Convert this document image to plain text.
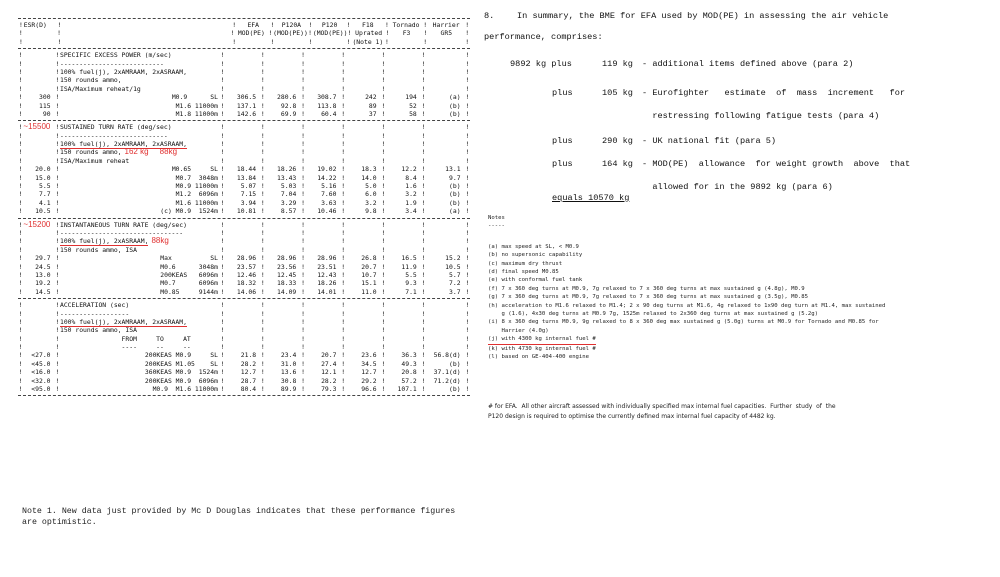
! ESR(D)	!	!	EFA	!	P120A	!	P120	!	F18	! Tornado ! Harrier !
!	!	! MOD(PE) ! (MOD(PE)) ! (MOD(PE)) ! Uprated !	F3	!	GR5	!
!	!	!	!	!	! (Note 1) !	!	!
!	! SPECIFIC EXCESS POWER (m/sec)	!	!	!	!	!	!	!
!	! ---------------------------	!	!	!	!	!	!	!
!	! 100% fuel(j), 2xAMRAAM, 2xASRAAM,	!	!	!	!	!	!	!
!	! 150 rounds ammo,	!	!	!	!	!	!	!
!	! ISA/Maximum reheat/1g	!	!	!	!	!	!	!
!	300 !	M0.9      SL !	306.5 !	280.6 !	308.7 !	242 !	194 !	(a) !
!	115 !	M1.6 11000m !	137.1 !	92.8 !	113.8 !	89 !	52 !	(b) !
!	90 !	M1.8 11000m !	142.6 !	69.9 !	60.4 !	37 !	58 !	(b) !
! ~15500 ! SUSTAINED TURN RATE (deg/sec)	!	!	!	!	!	!	!
!	! ----------------------------	!	!	!	!	!	!	!
!	! 100% fuel(j), 2xAMRAAM, 2xASRAAM,	!	!	!	!	!	!	!
!	! 150 rounds ammo, 162 kg     88kg	!	!	!	!	!	!	!
!	! ISA/Maximum reheat	!	!	!	!	!	!	!
!	20.0 !	M0.65     SL !	18.44 !	18.26 !	19.02 !	18.3 !	12.2 !	13.1 !
!	15.0 !	M0.7  3048m !	13.84 !	13.43 !	14.22 !	14.0 !	8.4 !	9.7 !
!	5.5 !	M0.9 11000m !	5.07 !	5.03 !	5.16 !	5.0 !	1.6 !	(b) !
!	7.7 !	M1.2  6096m !	7.15 !	7.04 !	7.60 !	6.0 !	3.2 !	(b) !
!	4.1 !	M1.6 11000m !	3.94 !	3.29 !	3.63 !	3.2 !	1.9 !	(b) !
!	10.5 !	(c) M0.9  1524m !	10.81 !	8.57 !	10.46 !	9.8 !	3.4 !	(a) !
! ~15200 ! INSTANTANEOUS TURN RATE (deg/sec)	!	!	!	!	!	!	!
!	! --------------------------------	!	!	!	!	!	!	!
!	! 100% fuel(j), 2xASRAAM, 88kg	!	!	!	!	!	!	!
!	! 150 rounds ammo, ISA	!	!	!	!	!	!	!
!	29.7 !	Max          SL !	28.96 !	28.96 !	28.96 !	26.8 !	16.5 !	15.2 !
!	24.5 !	M0.6      3048m !	23.57 !	23.56 !	23.51 !	20.7 !	11.9 !	10.5 !
!	13.0 !	200KEAS   6096m !	12.46 !	12.45 !	12.43 !	10.7 !	5.5 !	5.7 !
!	19.2 !	M0.7      6096m !	18.32 !	18.33 !	18.26 !	15.1 !	9.3 !	7.2 !
!	14.5 !	M0.85     9144m !	14.06 !	14.09 !	14.01 !	11.0 !	7.1 !	3.7 !
!	! ACCELERATION (sec)	!	!	!	!	!	!	!
!	! ------------------	!	!	!	!	!	!	!
!	! 100% fuel(j), 2xAMRAAM, 2xASRAAM,	!	!	!	!	!	!	!
!	! 150 rounds ammo, ISA	!	!	!	!	!	!	!
!	! FROM     TO     AT	!	!	!	!	!	!	!
!	! ----     --     --	!	!	!	!	!	!	!
!	<27.0 !	200KEAS M0.9     SL !	21.8 !	23.4 !	20.7 !	23.6 !	36.3 !	56.8(d) !
!	<45.0 !	200KEAS M1.05    SL !	28.2 !	31.0 !	27.4 !	34.5 !	49.3 !	(b) !
!	<16.0 !	360KEAS M0.9  1524m !	12.7 !	13.6 !	12.1 !	12.7 !	20.8 !	37.1(d) !
!	<32.0 !	200KEAS M0.9  6096m !	28.7 !	30.8 !	28.2 !	29.2 !	57.2 !	71.2(d) !
!	<95.0 !	M0.9  M1.6 11000m !	80.4 !	89.9 !	79.3 !	96.6 !	107.1 !	(b) !
Note 1. New data just provided by Mc D Douglas indicates that these performance figures are optimistic.
8.	In summary, the BME for EFA used by MOD(PE) in assessing the air vehicle
performance, comprises:
9892 kg plus	119 kg - additional items defined above (para 2)
plus	105 kg - Eurofighter   estimate  of  mass  increment   for
restressing following fatigue tests (para 4)
plus	290 kg - UK national fit (para 5)
plus	164 kg - MOD(PE)  allowance  for weight growth  above  that
allowed for in the 9892 kg (para 6)
equals 10570 kg
Notes
-----
(a) max speed at SL, < M0.9
(b) no supersonic capability
(c) maximum dry thrust
(d) final speed M0.85
(e) with conformal fuel tank
(f) 7 x 360 deg turns at M0.9, 7g relaxed to 7 x 360 deg turns at max sustained g (4.8g), M0.9
(g) 7 x 360 deg turns at M0.9, 7g relaxed to 7 x 360 deg turns at max sustained g (3.5g), M0.85
(h) acceleration to M1.6 relaxed to M1.4; 2 x 90 deg turns at M1.6, 4g relaxed to 1x90 deg turn at M1.4, max sustained
g (1.6), 4x30 deg turns at M0.9 7g, 1525m relaxed to 2x360 deg turns at max sustained g (5.2g)
(i) 8 x 360 deg turns M0.9, 9g relaxed to 8 x 360 deg max sustained g (5.0g) turns at M0.9 for Tornado and M0.85 for
Harrier (4.0g)
(j) with 4300 kg internal fuel #
(k) with 4730 kg internal fuel #
(l) based on GE-404-400 engine
# for EFA.  All other aircraft assessed with individually specified max internal fuel capacities.  Further  study  of  the
P120 design is required to optimise the currently defined max internal fuel capacity of 4482 kg.
